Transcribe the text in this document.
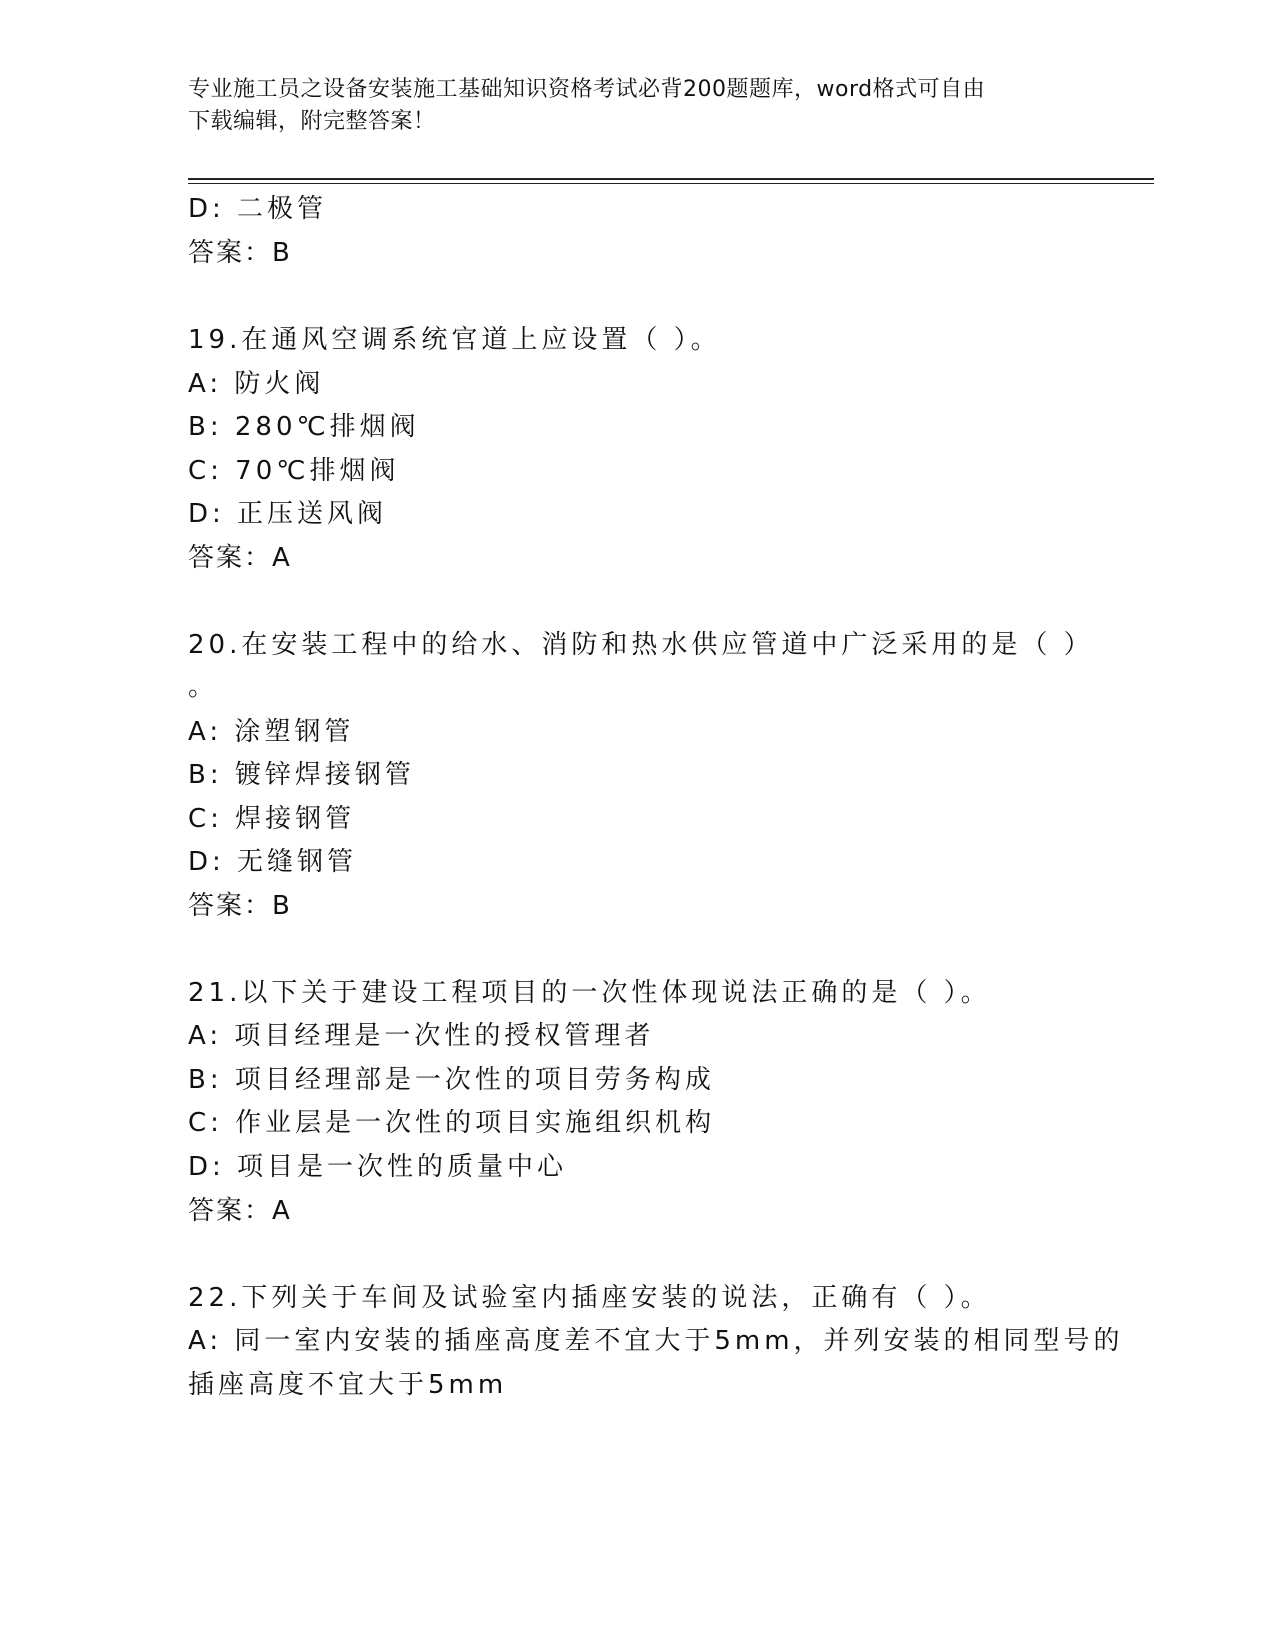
专业施工员之设备安装施工基础知识资格考试必背200题题库，word格式可自由
下载编辑，附完整答案！
D: 二极管
答案：B
19.在通风空调系统官道上应设置（ ）。
A: 防火阀
B: 280℃排烟阀
C: 70℃排烟阀
D: 正压送风阀
答案：A
20.在安装工程中的给水、消防和热水供应管道中广泛采用的是（ ）
。
A: 涂塑钢管
B: 镀锌焊接钢管
C: 焊接钢管
D: 无缝钢管
答案：B
21.以下关于建设工程项目的一次性体现说法正确的是（ ）。
A: 项目经理是一次性的授权管理者
B: 项目经理部是一次性的项目劳务构成
C: 作业层是一次性的项目实施组织机构
D: 项目是一次性的质量中心
答案：A
22.下列关于车间及试验室内插座安装的说法，正确有（ ）。
A: 同一室内安装的插座高度差不宜大于5mm，并列安装的相同型号的
插座高度不宜大于5mm
